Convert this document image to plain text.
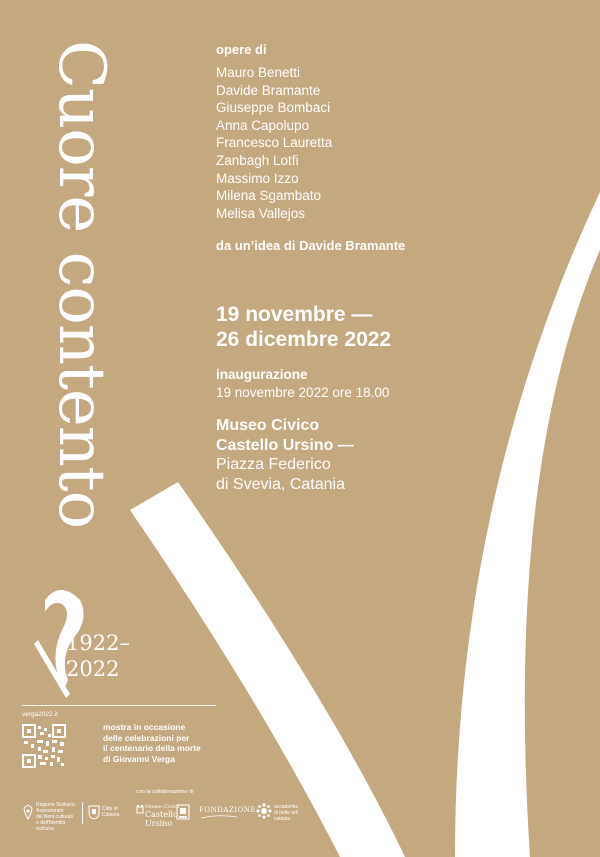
Cuore contento
1922–
2022
opere di
Mauro Benetti
Davide Bramante
Giuseppe Bombaci
Anna Capolupo
Francesco Lauretta
Zanbagh Lotfi
Massimo Izzo
Milena Sgambato
Melisa Vallejos
da un’idea di Davide Bramante
19 novembre —
26 dicembre 2022
inaugurazione
19 novembre 2022 ore 18.00
Museo Civico
Castello Ursino —
Piazza Federico
di Svevia, Catania
verga2022.it
mostra in occasione
delle celebrazioni per
il centenario della morte
di Giovanni Verga
con la collaborazione di
Regione Siciliana
Assessorato
dei Beni culturali
e dell'Identità siciliana
Città di
Catania
Museo Civico
Castello
Ursino
FONDAZIONE	accademia
di belle arti
catania
